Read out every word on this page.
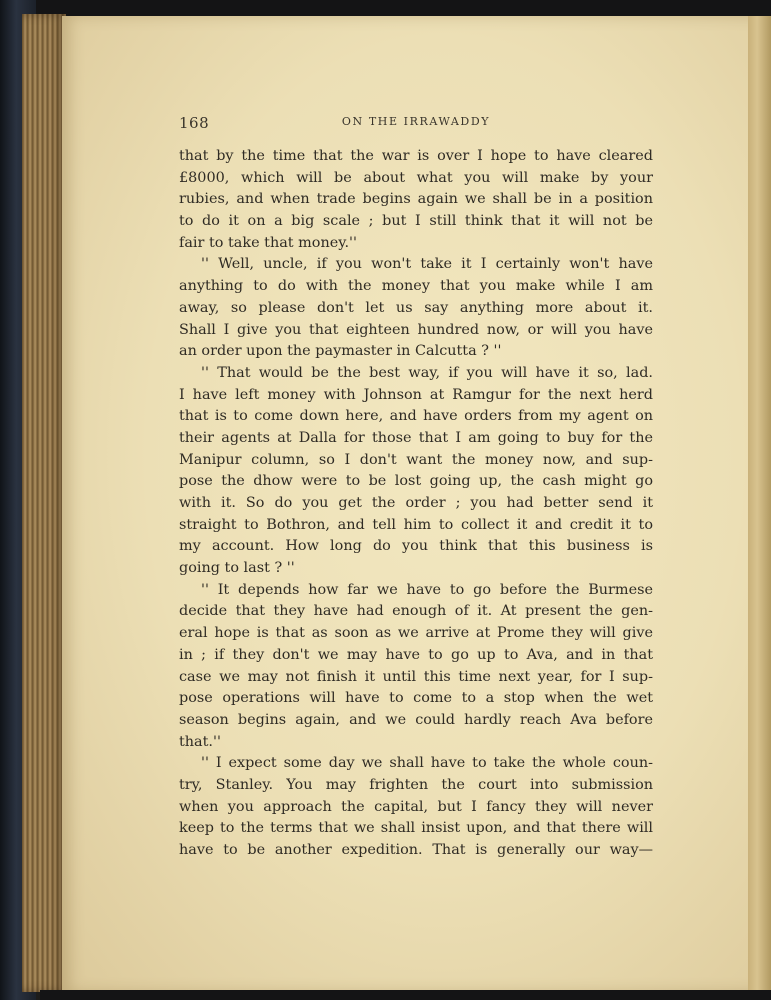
168	ON THE IRRAWADDY
that by the time that the war is over I hope to have cleared
£8000, which will be about what you will make by your
rubies, and when trade begins again we shall be in a position
to do it on a big scale ; but I still think that it will not be
fair to take that money.''
'' Well, uncle, if you won't take it I certainly won't have
anything to do with the money that you make while I am
away, so please don't let us say anything more about it.
Shall I give you that eighteen hundred now, or will you have
an order upon the paymaster in Calcutta ? ''
'' That would be the best way, if you will have it so, lad.
I have left money with Johnson at Ramgur for the next herd
that is to come down here, and have orders from my agent on
their agents at Dalla for those that I am going to buy for the
Manipur column, so I don't want the money now, and sup-
pose the dhow were to be lost going up, the cash might go
with it. So do you get the order ; you had better send it
straight to Bothron, and tell him to collect it and credit it to
my account. How long do you think that this business is
going to last ? ''
'' It depends how far we have to go before the Burmese
decide that they have had enough of it. At present the gen-
eral hope is that as soon as we arrive at Prome they will give
in ; if they don't we may have to go up to Ava, and in that
case we may not finish it until this time next year, for I sup-
pose operations will have to come to a stop when the wet
season begins again, and we could hardly reach Ava before
that.''
'' I expect some day we shall have to take the whole coun-
try, Stanley. You may frighten the court into submission
when you approach the capital, but I fancy they will never
keep to the terms that we shall insist upon, and that there will
have to be another expedition. That is generally our way—
